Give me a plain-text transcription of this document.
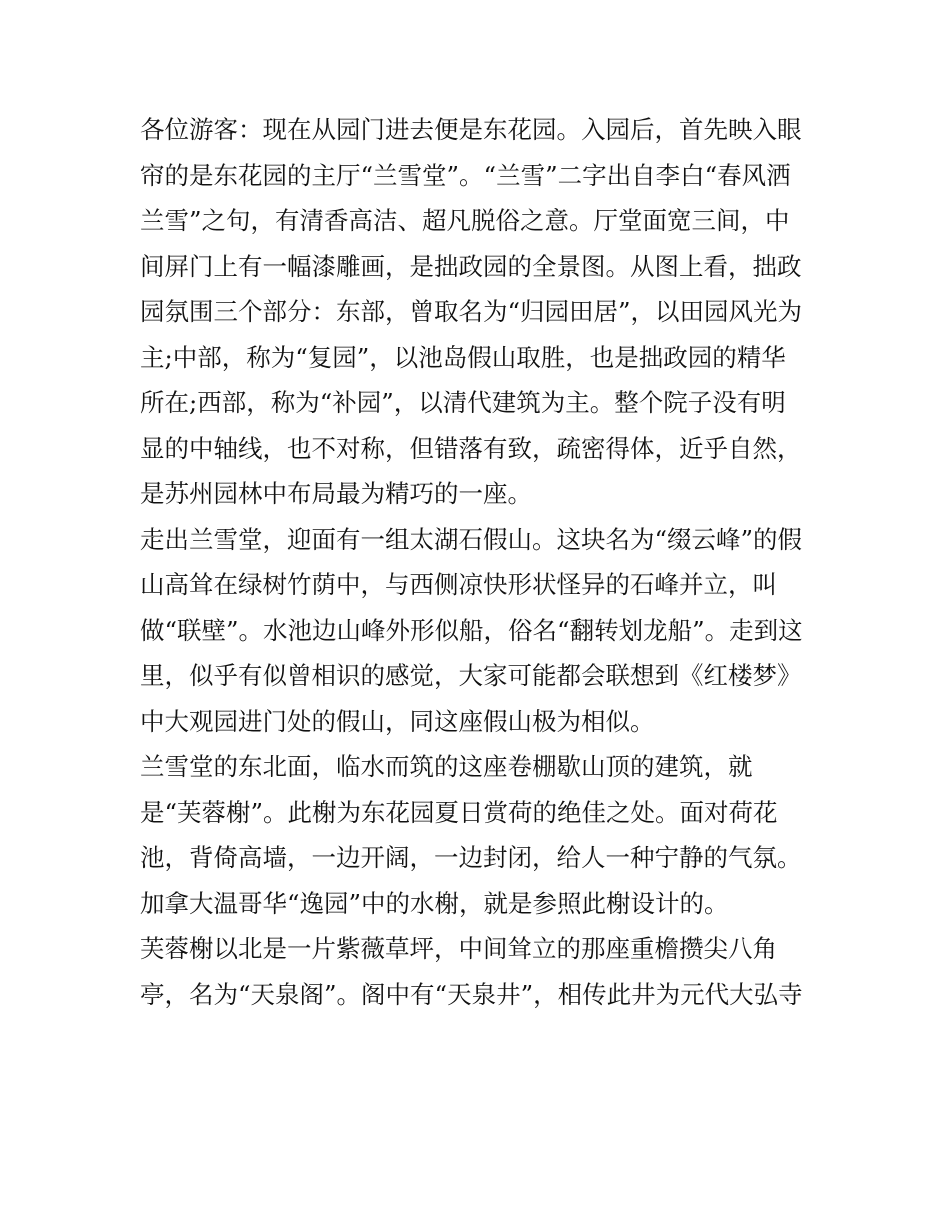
各位游客：现在从园门进去便是东花园。入园后，首先映入眼
帘的是东花园的主厅“兰雪堂”。“兰雪”二字出自李白“春风洒
兰雪”之句，有清香高洁、超凡脱俗之意。厅堂面宽三间，中
间屏门上有一幅漆雕画，是拙政园的全景图。从图上看，拙政
园氛围三个部分：东部，曾取名为“归园田居”，以田园风光为
主;中部，称为“复园”，以池岛假山取胜，也是拙政园的精华
所在;西部，称为“补园”，以清代建筑为主。整个院子没有明
显的中轴线，也不对称，但错落有致，疏密得体，近乎自然，
是苏州园林中布局最为精巧的一座。
走出兰雪堂，迎面有一组太湖石假山。这块名为“缀云峰”的假
山高耸在绿树竹荫中，与西侧凉快形状怪异的石峰并立，叫
做“联壁”。水池边山峰外形似船，俗名“翻转划龙船”。走到这
里，似乎有似曾相识的感觉，大家可能都会联想到《红楼梦》
中大观园进门处的假山，同这座假山极为相似。
兰雪堂的东北面，临水而筑的这座卷棚歇山顶的建筑，就
是“芙蓉榭”。此榭为东花园夏日赏荷的绝佳之处。面对荷花
池，背倚高墙，一边开阔，一边封闭，给人一种宁静的气氛。
加拿大温哥华“逸园”中的水榭，就是参照此榭设计的。
芙蓉榭以北是一片紫薇草坪，中间耸立的那座重檐攒尖八角
亭，名为“天泉阁”。阁中有“天泉井”，相传此井为元代大弘寺
